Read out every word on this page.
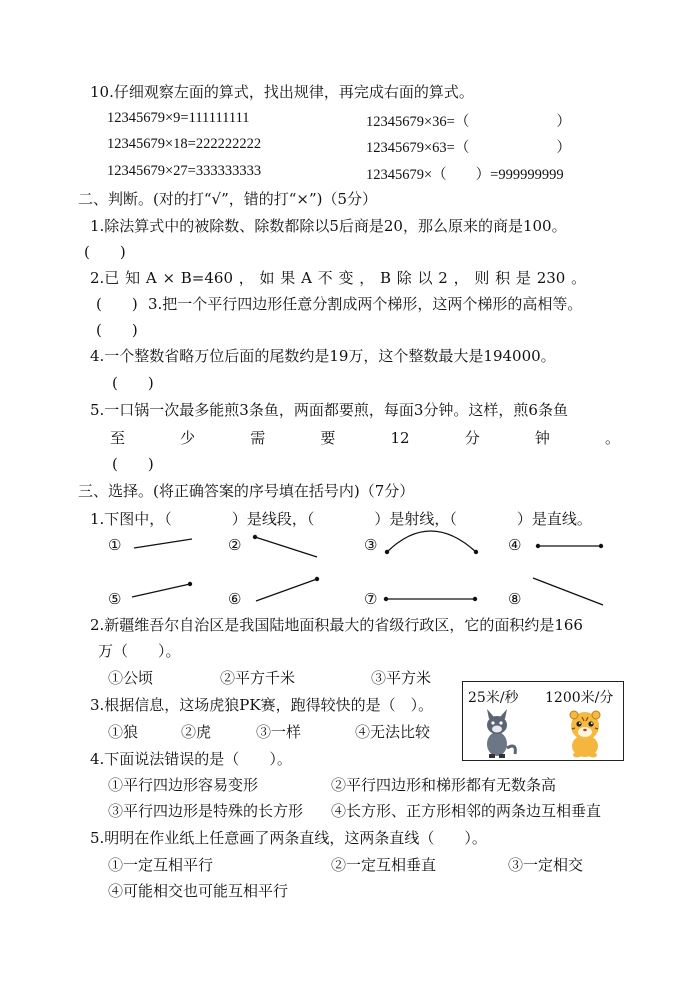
10.仔细观察左面的算式，找出规律，再完成右面的算式。
12345679×9=111111111
12345679×18=222222222
12345679×27=333333333
12345679×36=（　　　　　　）
12345679×63=（　　　　　　）
12345679×（　　）=999999999
二、判断。(对的打“√”，错的打“×”)（5分）
1.除法算式中的被除数、除数都除以5后商是20，那么原来的商是100。
(　　)
2.已 知 A × B=460 ， 如 果 A 不 变 ， B 除 以 2 ， 则 积 是 230 。
(　　) 3.把一个平行四边形任意分割成两个梯形，这两个梯形的高相等。
(　　)
4.一个整数省略万位后面的尾数约是19万，这个整数最大是194000。
(　　)
5.一口锅一次最多能煎3条鱼，两面都要煎，每面3分钟。这样，煎6条鱼
至	少	需	要	12	分	钟	。
(　　)
三、选择。(将正确答案的序号填在括号内)（7分）
1.下图中，（　　　　）是线段，（　　　　）是射线，（　　　　）是直线。
①	②	③	④
⑤	⑥	⑦	⑧
2.新疆维吾尔自治区是我国陆地面积最大的省级行政区，它的面积约是166
万（　　）。
①公顷	②平方千米	③平方米
3.根据信息，这场虎狼PK赛，跑得较快的是（　）。
①狼	②虎	③一样	④无法比较
25米/秒 1200米/分
4.下面说法错误的是（　　）。
①平行四边形容易变形	②平行四边形和梯形都有无数条高
③平行四边形是特殊的长方形 ④长方形、正方形相邻的两条边互相垂直
5.明明在作业纸上任意画了两条直线，这两条直线（　　）。
①一定互相平行	②一定互相垂直	③一定相交
④可能相交也可能互相平行
